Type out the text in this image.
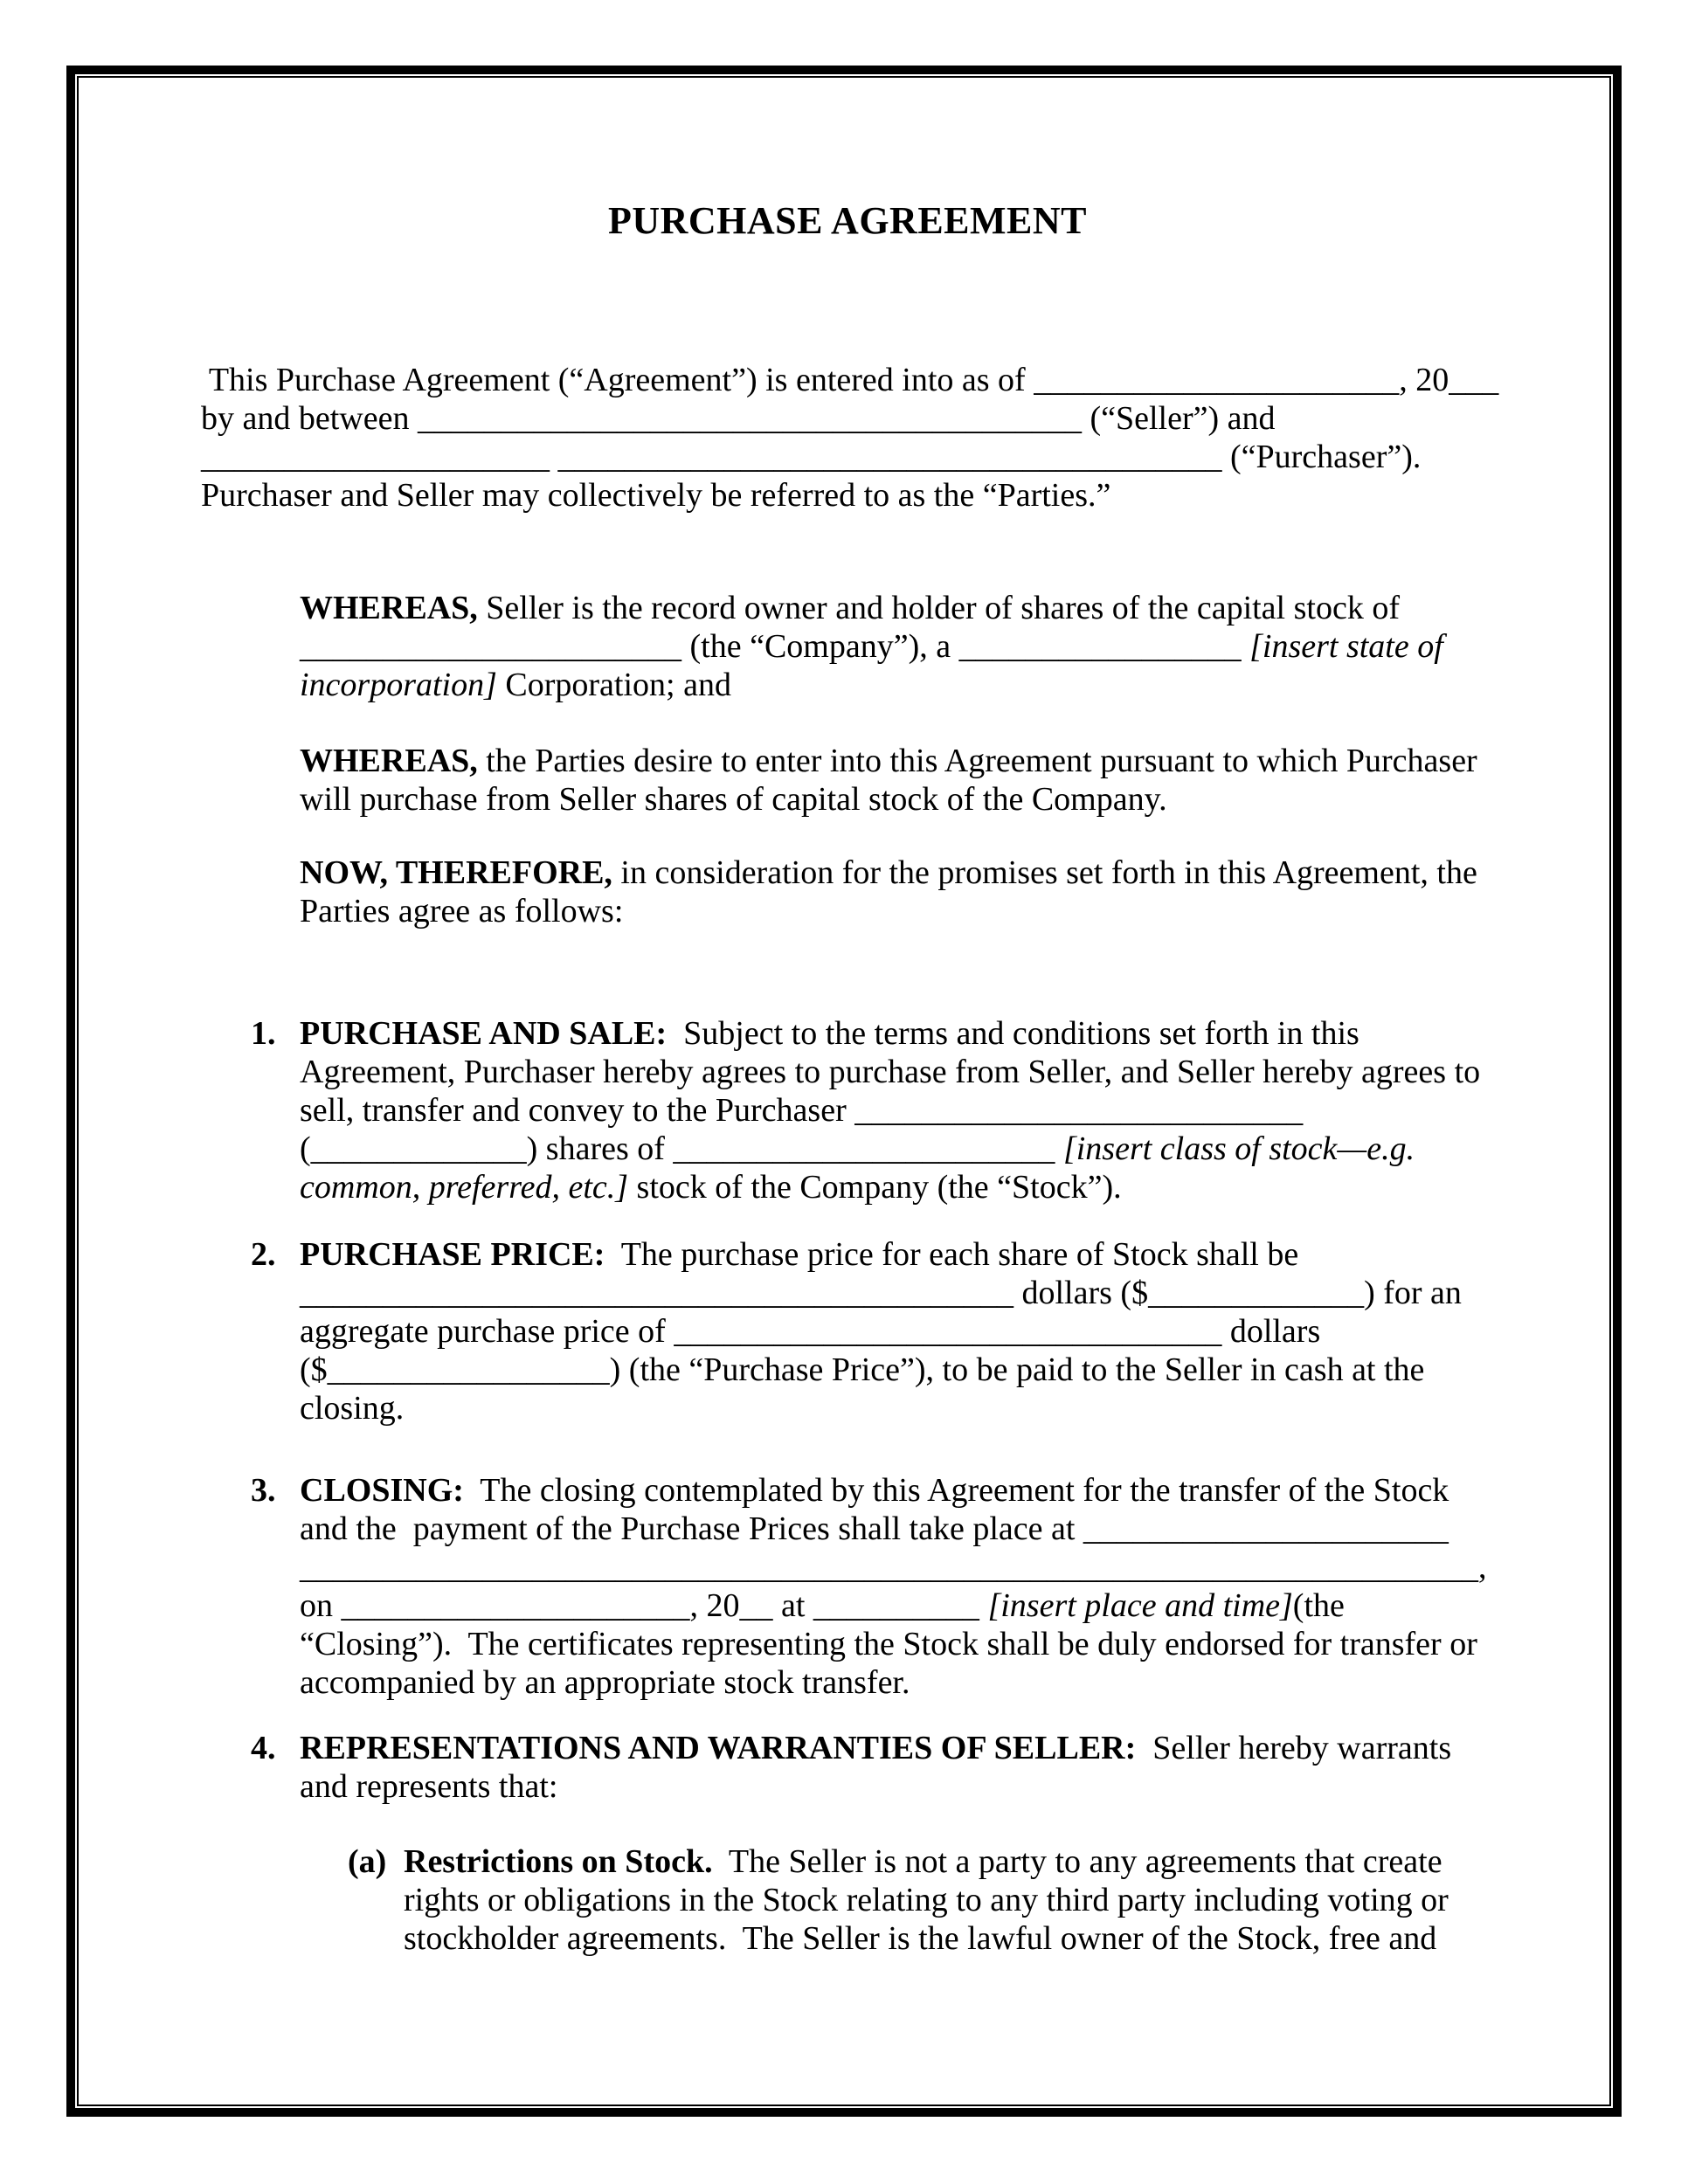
PURCHASE AGREEMENT
This Purchase Agreement (“Agreement”) is entered into as of ______________________, 20___
by and between ________________________________________ (“Seller”) and
_____________________ ________________________________________ (“Purchaser”).
Purchaser and Seller may collectively be referred to as the “Parties.”
WHEREAS, Seller is the record owner and holder of shares of the capital stock of
_______________________ (the “Company”), a _________________ [insert state of
incorporation] Corporation; and
WHEREAS, the Parties desire to enter into this Agreement pursuant to which Purchaser
will purchase from Seller shares of capital stock of the Company.
NOW, THEREFORE, in consideration for the promises set forth in this Agreement, the
Parties agree as follows:
1. PURCHASE AND SALE:  Subject to the terms and conditions set forth in this
Agreement, Purchaser hereby agrees to purchase from Seller, and Seller hereby agrees to
sell, transfer and convey to the Purchaser ___________________________
(_____________) shares of _______________________ [insert class of stock—e.g.
common, preferred, etc.] stock of the Company (the “Stock”).
2. PURCHASE PRICE:  The purchase price for each share of Stock shall be
___________________________________________ dollars ($_____________) for an
aggregate purchase price of _________________________________ dollars
($_________________) (the “Purchase Price”), to be paid to the Seller in cash at the
closing.
3. CLOSING:  The closing contemplated by this Agreement for the transfer of the Stock
and the  payment of the Purchase Prices shall take place at ______________________
_______________________________________________________________________,
on _____________________, 20__ at __________ [insert place and time](the
“Closing”).  The certificates representing the Stock shall be duly endorsed for transfer or
accompanied by an appropriate stock transfer.
4. REPRESENTATIONS AND WARRANTIES OF SELLER:  Seller hereby warrants
and represents that:
(a) Restrictions on Stock.  The Seller is not a party to any agreements that create
rights or obligations in the Stock relating to any third party including voting or
stockholder agreements.  The Seller is the lawful owner of the Stock, free and
